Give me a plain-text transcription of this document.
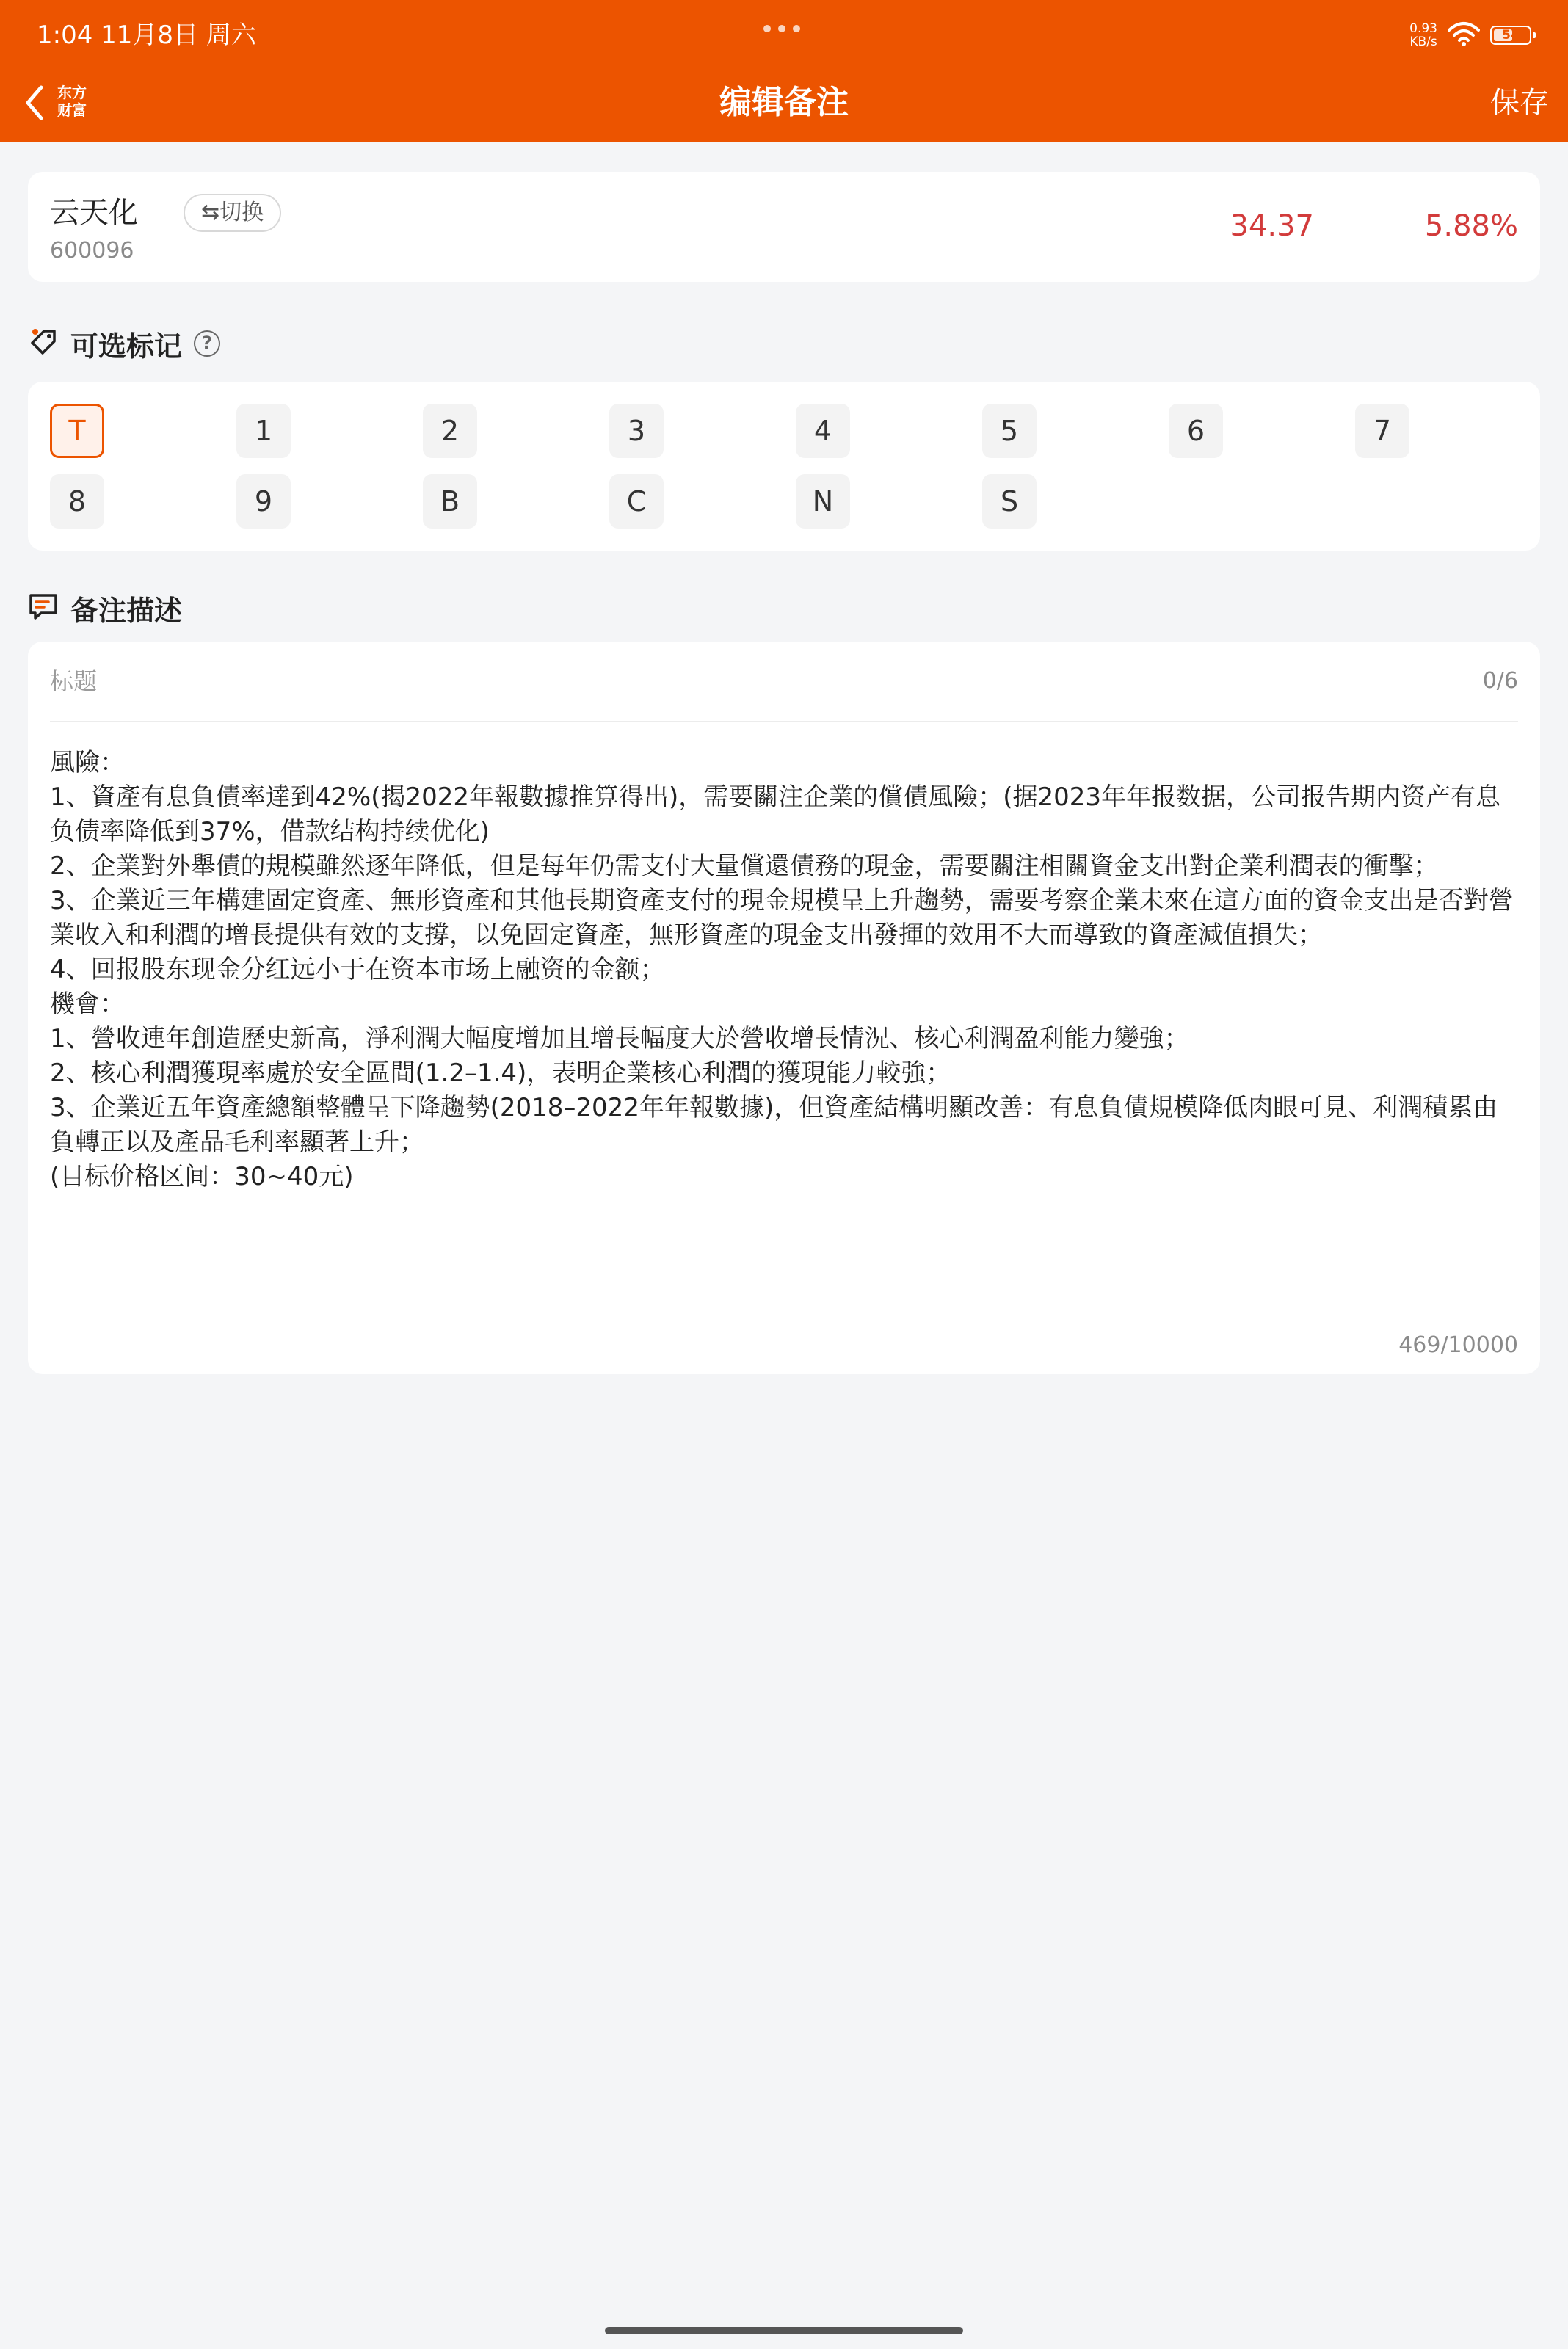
1:04 11月8日 周六	0.93
KB/s	54
东方
财富	编辑备注	保存
云天化	⇆切换
600096
34.37	5.88%
可选标记	?
T	1	2	3	4	5	6	7
8	9	B	C	N	S
备注描述
标题	0/6
風險：
1、資產有息負債率達到42%(揭2022年報數據推算得出)，需要關注企業的償債風險；(据2023年年报数据，公司报告期内资产有息负债率降低到37%，借款结构持续优化)
2、企業對外舉債的規模雖然逐年降低，但是每年仍需支付大量償還債務的現金，需要關注相關資金支出對企業利潤表的衝擊；
3、企業近三年構建固定資產、無形資產和其他長期資產支付的現金規模呈上升趨勢，需要考察企業未來在這方面的資金支出是否對營業收入和利潤的增長提供有效的支撐，以免固定資產，無形資產的現金支出發揮的效用不大而導致的資產減值損失；
4、回报股东现金分红远小于在资本市场上融资的金额；
機會：
1、營收連年創造歷史新高，淨利潤大幅度增加且增長幅度大於營收增長情況、核心利潤盈利能力變強；
2、核心利潤獲現率處於安全區間(1.2–1.4)，表明企業核心利潤的獲現能力較強；
3、企業近五年資產總額整體呈下降趨勢(2018–2022年年報數據)，但資產結構明顯改善：有息負債規模降低肉眼可見、利潤積累由負轉正以及產品毛利率顯著上升；
(目标价格区间：30~40元)
469/10000
